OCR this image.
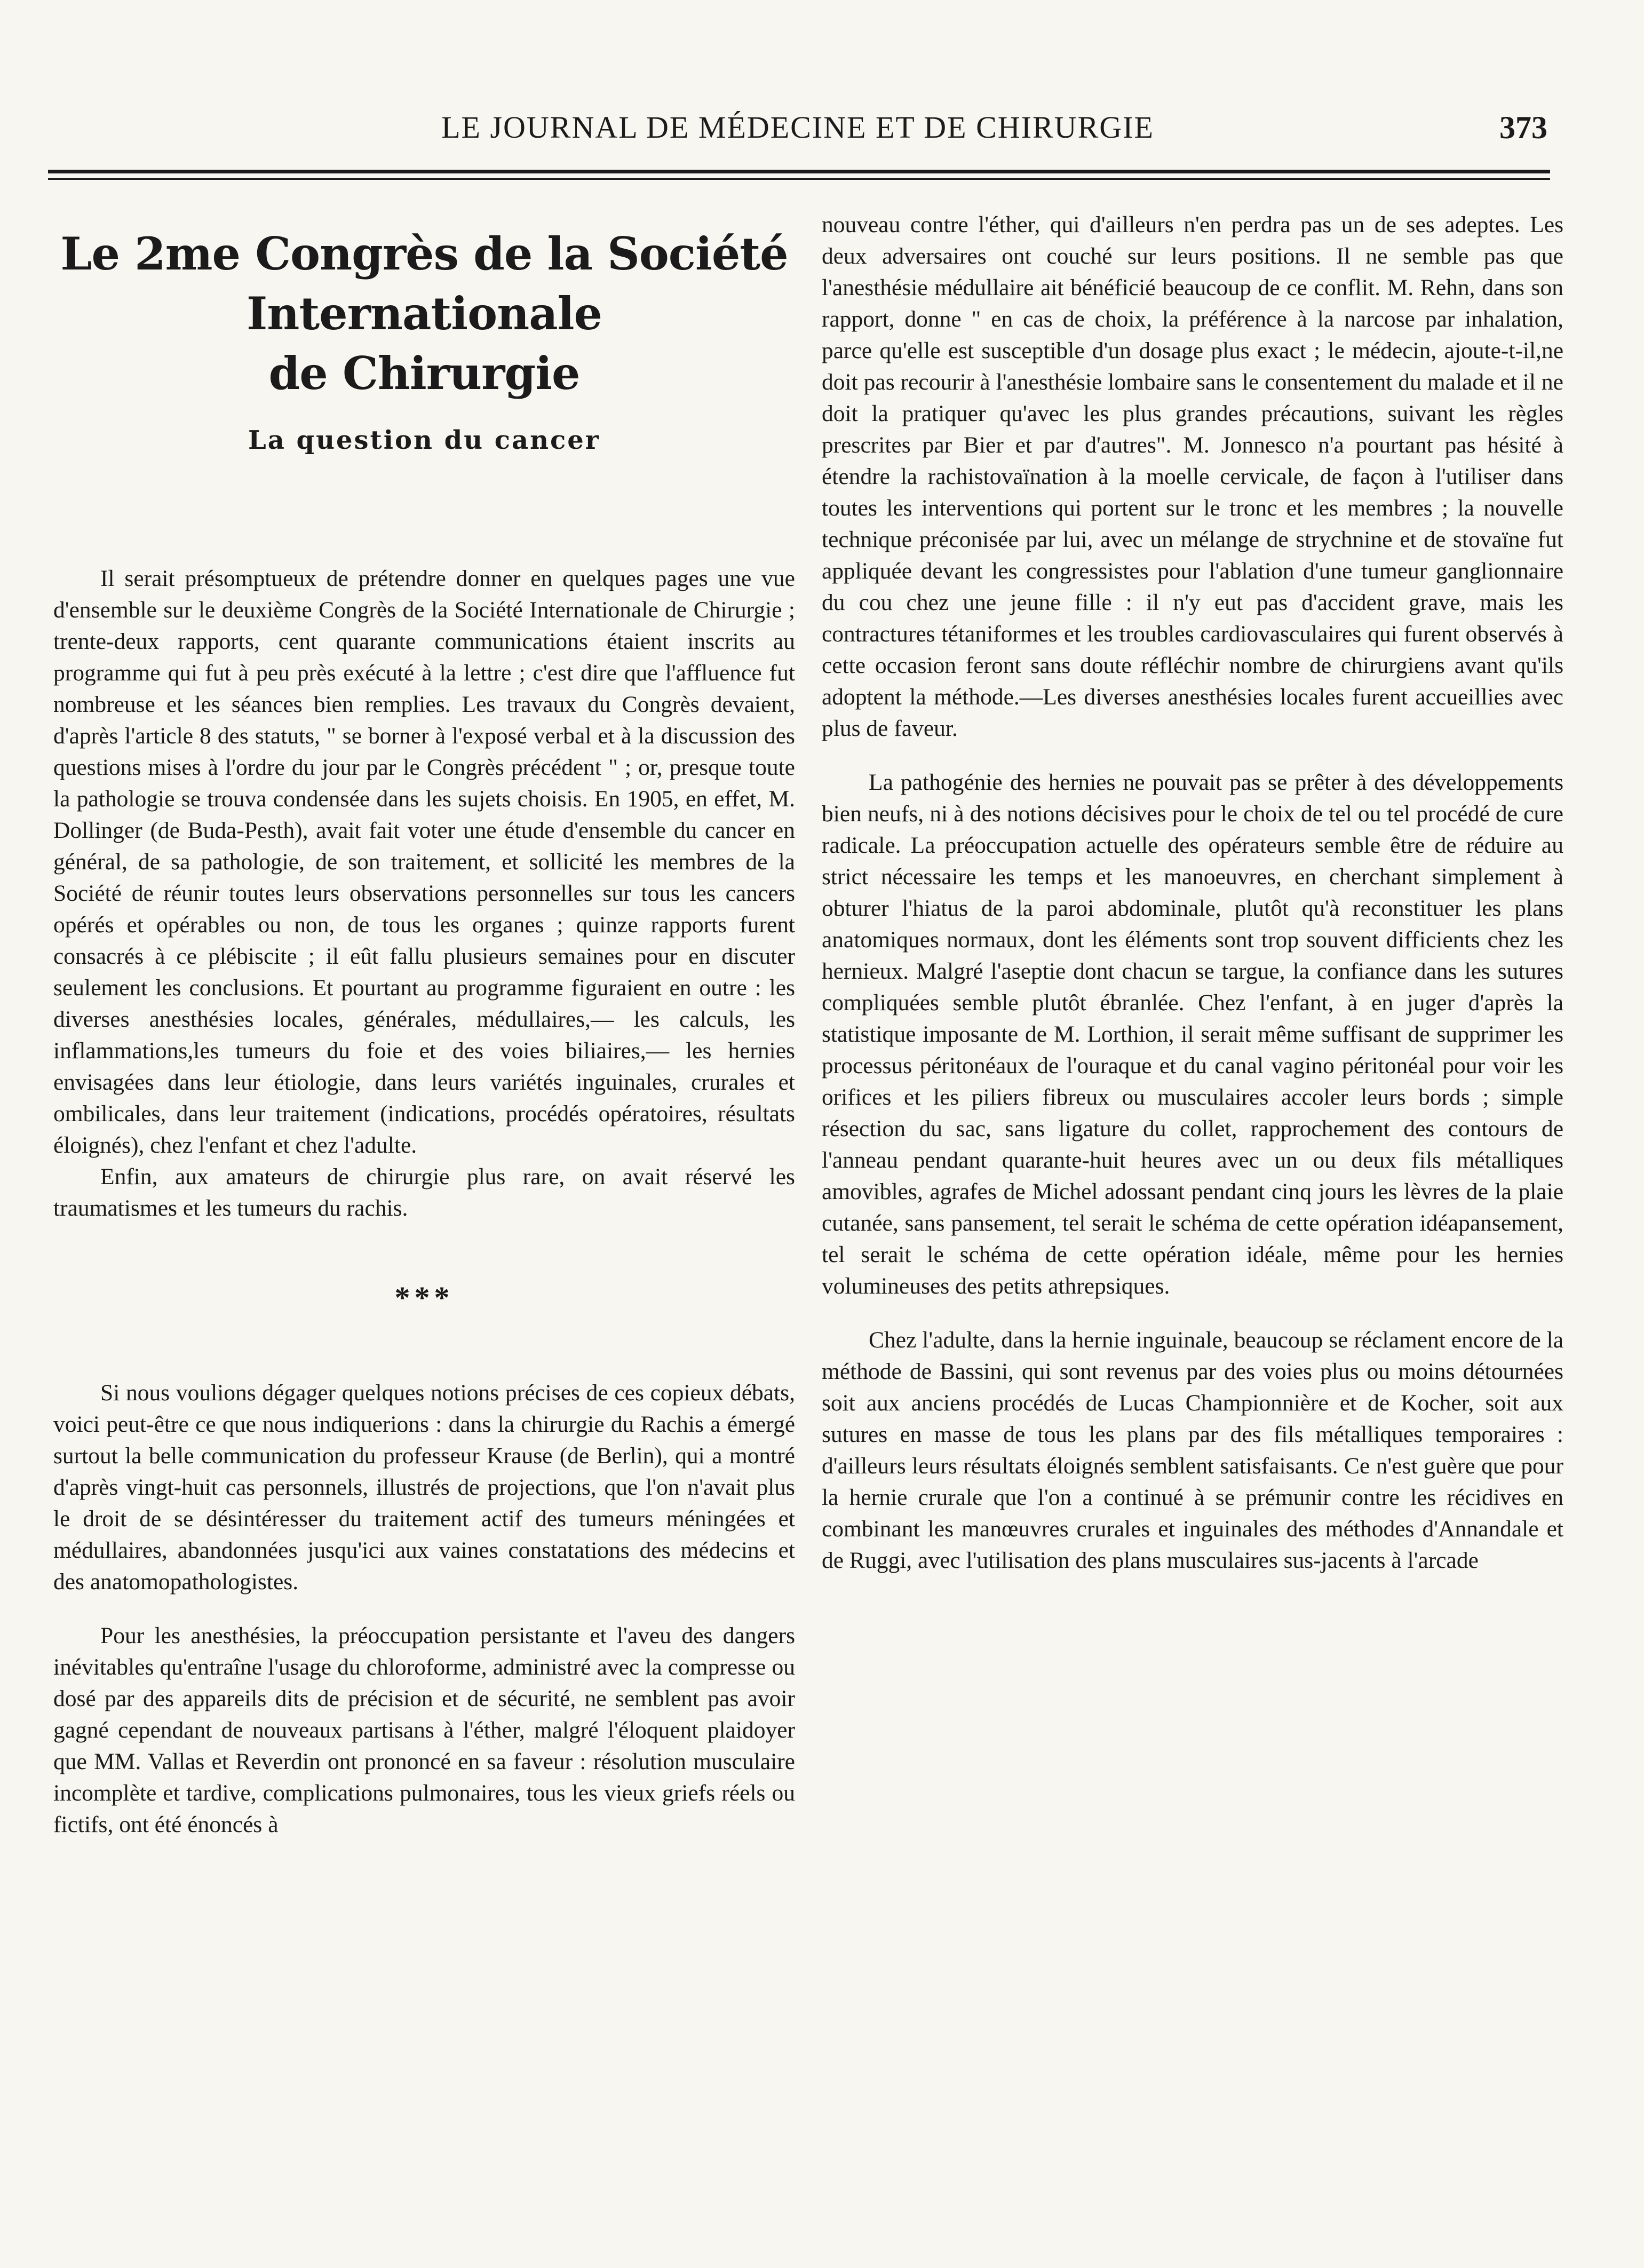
LE JOURNAL DE MÉDECINE ET DE CHIRURGIE	373
Le 2me Congrès de la Société Internationale
de Chirurgie
La question du cancer

Il serait présomptueux de prétendre donner en quelques pages une vue d'ensemble sur le deuxième Congrès de la Société Internationale de Chirurgie ; trente-deux rapports, cent quarante communications étaient inscrits au programme qui fut à peu près exécuté à la lettre ; c'est dire que l'affluence fut nombreuse et les séances bien remplies. Les travaux du Congrès devaient, d'après l'article 8 des statuts, " se borner à l'exposé verbal et à la discussion des questions mises à l'ordre du jour par le Congrès précédent " ; or, presque toute la pathologie se trouva condensée dans les sujets choisis. En 1905, en effet, M. Dollinger (de Buda-Pesth), avait fait voter une étude d'ensemble du cancer en général, de sa pathologie, de son traitement, et sollicité les membres de la Société de réunir toutes leurs observations personnelles sur tous les cancers opérés et opérables ou non, de tous les organes ; quinze rapports furent consacrés à ce plébiscite ; il eût fallu plusieurs semaines pour en discuter seulement les conclusions. Et pourtant au programme figuraient en outre : les diverses anesthésies locales, générales, médullaires,— les calculs, les inflammations,les tumeurs du foie et des voies biliaires,— les hernies envisagées dans leur étiologie, dans leurs variétés inguinales, crurales et ombilicales, dans leur traitement (indications, procédés opératoires, résultats éloignés), chez l'enfant et chez l'adulte.

Enfin, aux amateurs de chirurgie plus rare, on avait réservé les traumatismes et les tumeurs du rachis.

***

Si nous voulions dégager quelques notions précises de ces copieux débats, voici peut-être ce que nous indiquerions : dans la chirurgie du Rachis a émergé surtout la belle communication du professeur Krause (de Berlin), qui a montré d'après vingt-huit cas personnels, illustrés de projections, que l'on n'avait plus le droit de se désintéresser du traitement actif des tumeurs méningées et médullaires, abandonnées jusqu'ici aux vaines constatations des médecins et des anatomopathologistes.

Pour les anesthésies, la préoccupation persistante et l'aveu des dangers inévitables qu'entraîne l'usage du chloroforme, administré avec la compresse ou dosé par des appareils dits de précision et de sécurité, ne semblent pas avoir gagné cependant de nouveaux partisans à l'éther, malgré l'éloquent plaidoyer que MM. Vallas et Reverdin ont prononcé en sa faveur : résolution musculaire incomplète et tardive, complications pulmonaires, tous les vieux griefs réels ou fictifs, ont été énoncés à

nouveau contre l'éther, qui d'ailleurs n'en perdra pas un de ses adeptes. Les deux adversaires ont couché sur leurs positions. Il ne semble pas que l'anesthésie médullaire ait bénéficié beaucoup de ce conflit. M. Rehn, dans son rapport, donne " en cas de choix, la préférence à la narcose par inhalation, parce qu'elle est susceptible d'un dosage plus exact ; le médecin, ajoute-t-il,ne doit pas recourir à l'anesthésie lombaire sans le consentement du malade et il ne doit la pratiquer qu'avec les plus grandes précautions, suivant les règles prescrites par Bier et par d'autres". M. Jonnesco n'a pourtant pas hésité à étendre la rachistovaïnation à la moelle cervicale, de façon à l'utiliser dans toutes les interventions qui portent sur le tronc et les membres ; la nouvelle technique préconisée par lui, avec un mélange de strychnine et de stovaïne fut appliquée devant les congressistes pour l'ablation d'une tumeur ganglionnaire du cou chez une jeune fille : il n'y eut pas d'accident grave, mais les contractures tétaniformes et les troubles cardiovasculaires qui furent observés à cette occasion feront sans doute réfléchir nombre de chirurgiens avant qu'ils adoptent la méthode.—Les diverses anesthésies locales furent accueillies avec plus de faveur.

La pathogénie des hernies ne pouvait pas se prêter à des développements bien neufs, ni à des notions décisives pour le choix de tel ou tel procédé de cure radicale. La préoccupation actuelle des opérateurs semble être de réduire au strict nécessaire les temps et les manoeuvres, en cherchant simplement à obturer l'hiatus de la paroi abdominale, plutôt qu'à reconstituer les plans anatomiques normaux, dont les éléments sont trop souvent difficients chez les hernieux. Malgré l'aseptie dont chacun se targue, la confiance dans les sutures compliquées semble plutôt ébranlée. Chez l'enfant, à en juger d'après la statistique imposante de M. Lorthion, il serait même suffisant de supprimer les processus péritonéaux de l'ouraque et du canal vagino péritonéal pour voir les orifices et les piliers fibreux ou musculaires accoler leurs bords ; simple résection du sac, sans ligature du collet, rapprochement des contours de l'anneau pendant quarante-huit heures avec un ou deux fils métalliques amovibles, agrafes de Michel adossant pendant cinq jours les lèvres de la plaie cutanée, sans pansement, tel serait le schéma de cette opération idéapansement, tel serait le schéma de cette opération idéale, même pour les hernies volumineuses des petits athrepsiques.

Chez l'adulte, dans la hernie inguinale, beaucoup se réclament encore de la méthode de Bassini, qui sont revenus par des voies plus ou moins détournées soit aux anciens procédés de Lucas Championnière et de Kocher, soit aux sutures en masse de tous les plans par des fils métalliques temporaires : d'ailleurs leurs résultats éloignés semblent satisfaisants. Ce n'est guère que pour la hernie crurale que l'on a continué à se prémunir contre les récidives en combinant les manœuvres crurales et inguinales des méthodes d'Annandale et de Ruggi, avec l'utilisation des plans musculaires sus-jacents à l'arcade
